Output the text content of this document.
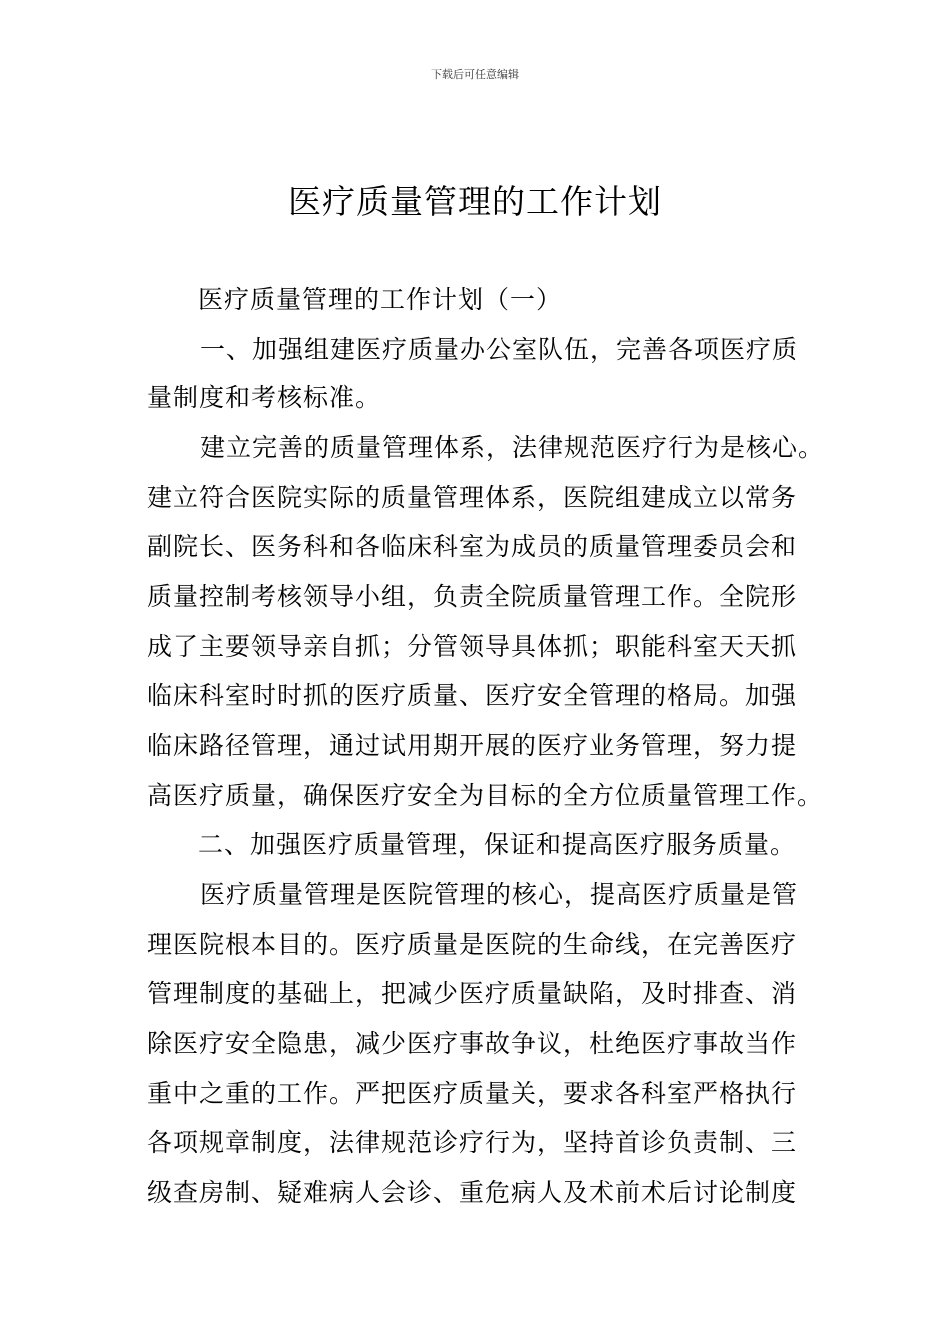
下载后可任意编辑
医疗质量管理的工作计划
医疗质量管理的工作计划（一）
一、加强组建医疗质量办公室队伍，完善各项医疗质
量制度和考核标准。
建立完善的质量管理体系，法律规范医疗行为是核心。
建立符合医院实际的质量管理体系，医院组建成立以常务
副院长、医务科和各临床科室为成员的质量管理委员会和
质量控制考核领导小组，负责全院质量管理工作。全院形
成了主要领导亲自抓；分管领导具体抓；职能科室天天抓
临床科室时时抓的医疗质量、医疗安全管理的格局。加强
临床路径管理，通过试用期开展的医疗业务管理，努力提
高医疗质量，确保医疗安全为目标的全方位质量管理工作。
二、加强医疗质量管理，保证和提高医疗服务质量。
医疗质量管理是医院管理的核心，提高医疗质量是管
理医院根本目的。医疗质量是医院的生命线，在完善医疗
管理制度的基础上，把减少医疗质量缺陷，及时排查、消
除医疗安全隐患，减少医疗事故争议，杜绝医疗事故当作
重中之重的工作。严把医疗质量关，要求各科室严格执行
各项规章制度，法律规范诊疗行为，坚持首诊负责制、三
级查房制、疑难病人会诊、重危病人及术前术后讨论制度
